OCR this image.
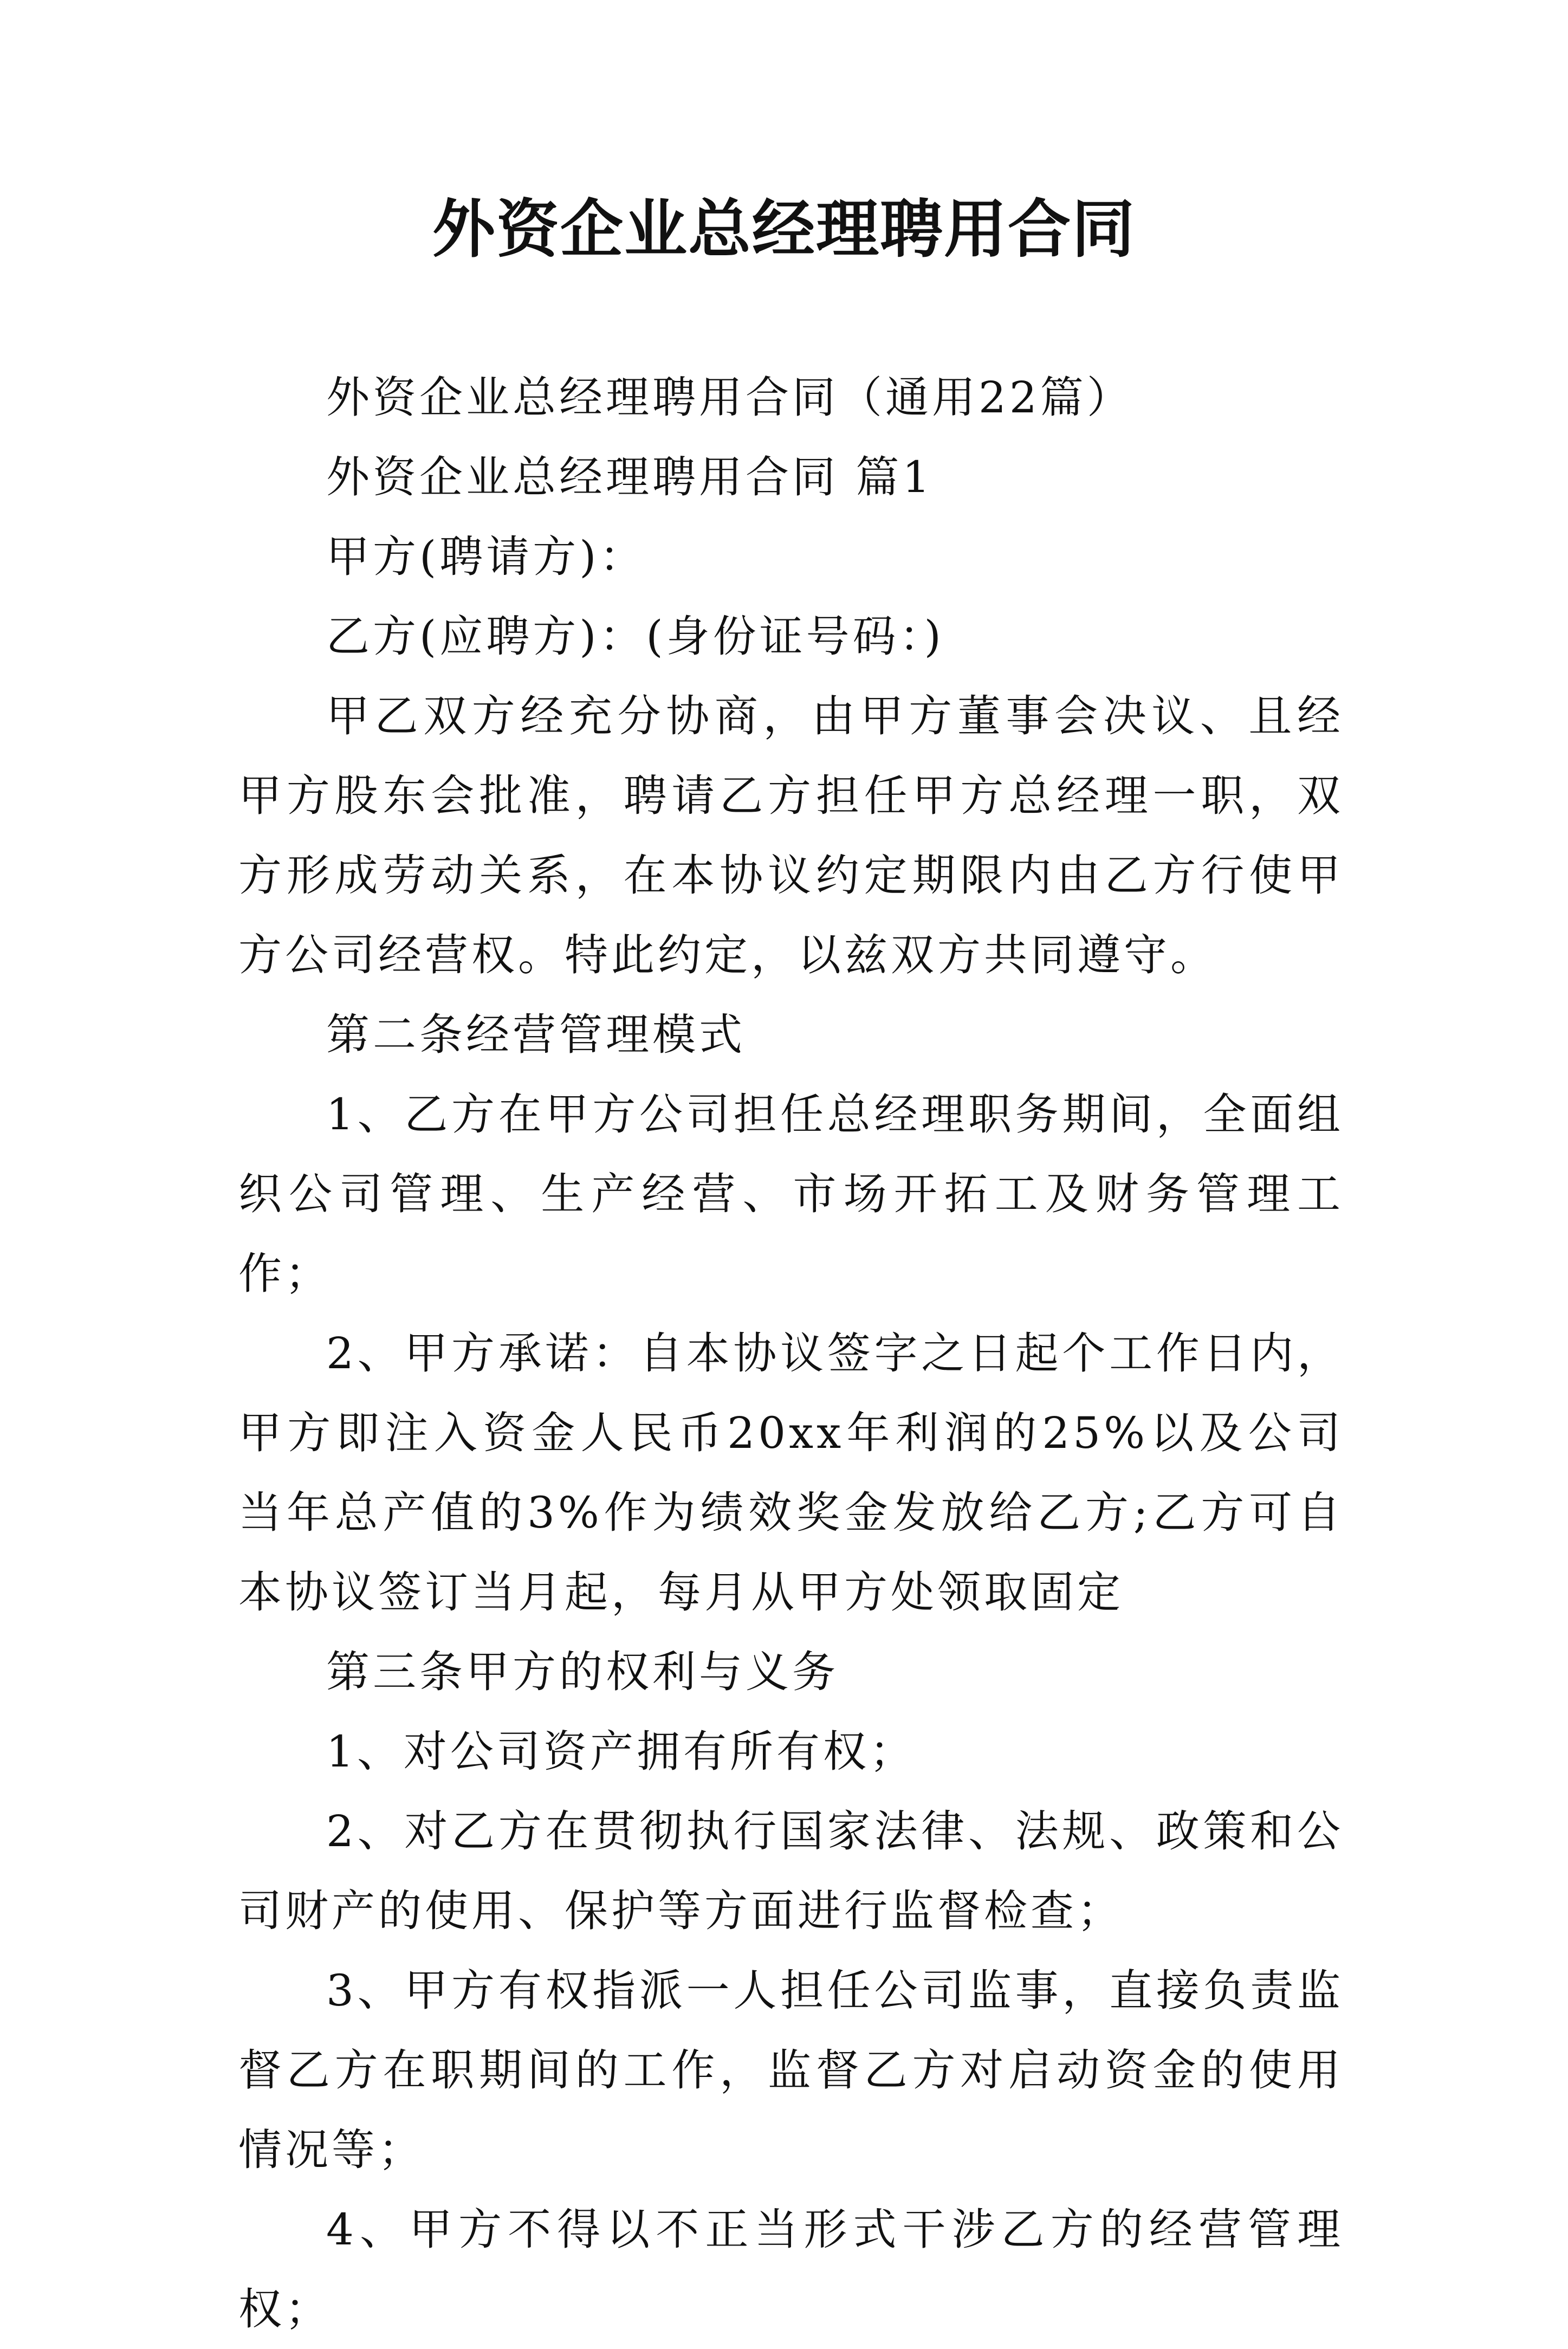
外资企业总经理聘用合同

外资企业总经理聘用合同（通用22篇）

外资企业总经理聘用合同 篇1

甲方(聘请方)：

乙方(应聘方)：(身份证号码：)

甲乙双方经充分协商，由甲方董事会决议、且经甲方股东会批准，聘请乙方担任甲方总经理一职，双方形成劳动关系，在本协议约定期限内由乙方行使甲方公司经营权。特此约定，以兹双方共同遵守。

第二条经营管理模式

1、乙方在甲方公司担任总经理职务期间，全面组织公司管理、生产经营、市场开拓工及财务管理工作；

2、甲方承诺：自本协议签字之日起个工作日内，甲方即注入资金人民币20xx年利润的25%以及公司当年总产值的3%作为绩效奖金发放给乙方;乙方可自本协议签订当月起，每月从甲方处领取固定

第三条甲方的权利与义务

1、对公司资产拥有所有权；

2、对乙方在贯彻执行国家法律、法规、政策和公司财产的使用、保护等方面进行监督检查；

3、甲方有权指派一人担任公司监事，直接负责监督乙方在职期间的工作，监督乙方对启动资金的使用情况等；

4、甲方不得以不正当形式干涉乙方的经营管理权；
